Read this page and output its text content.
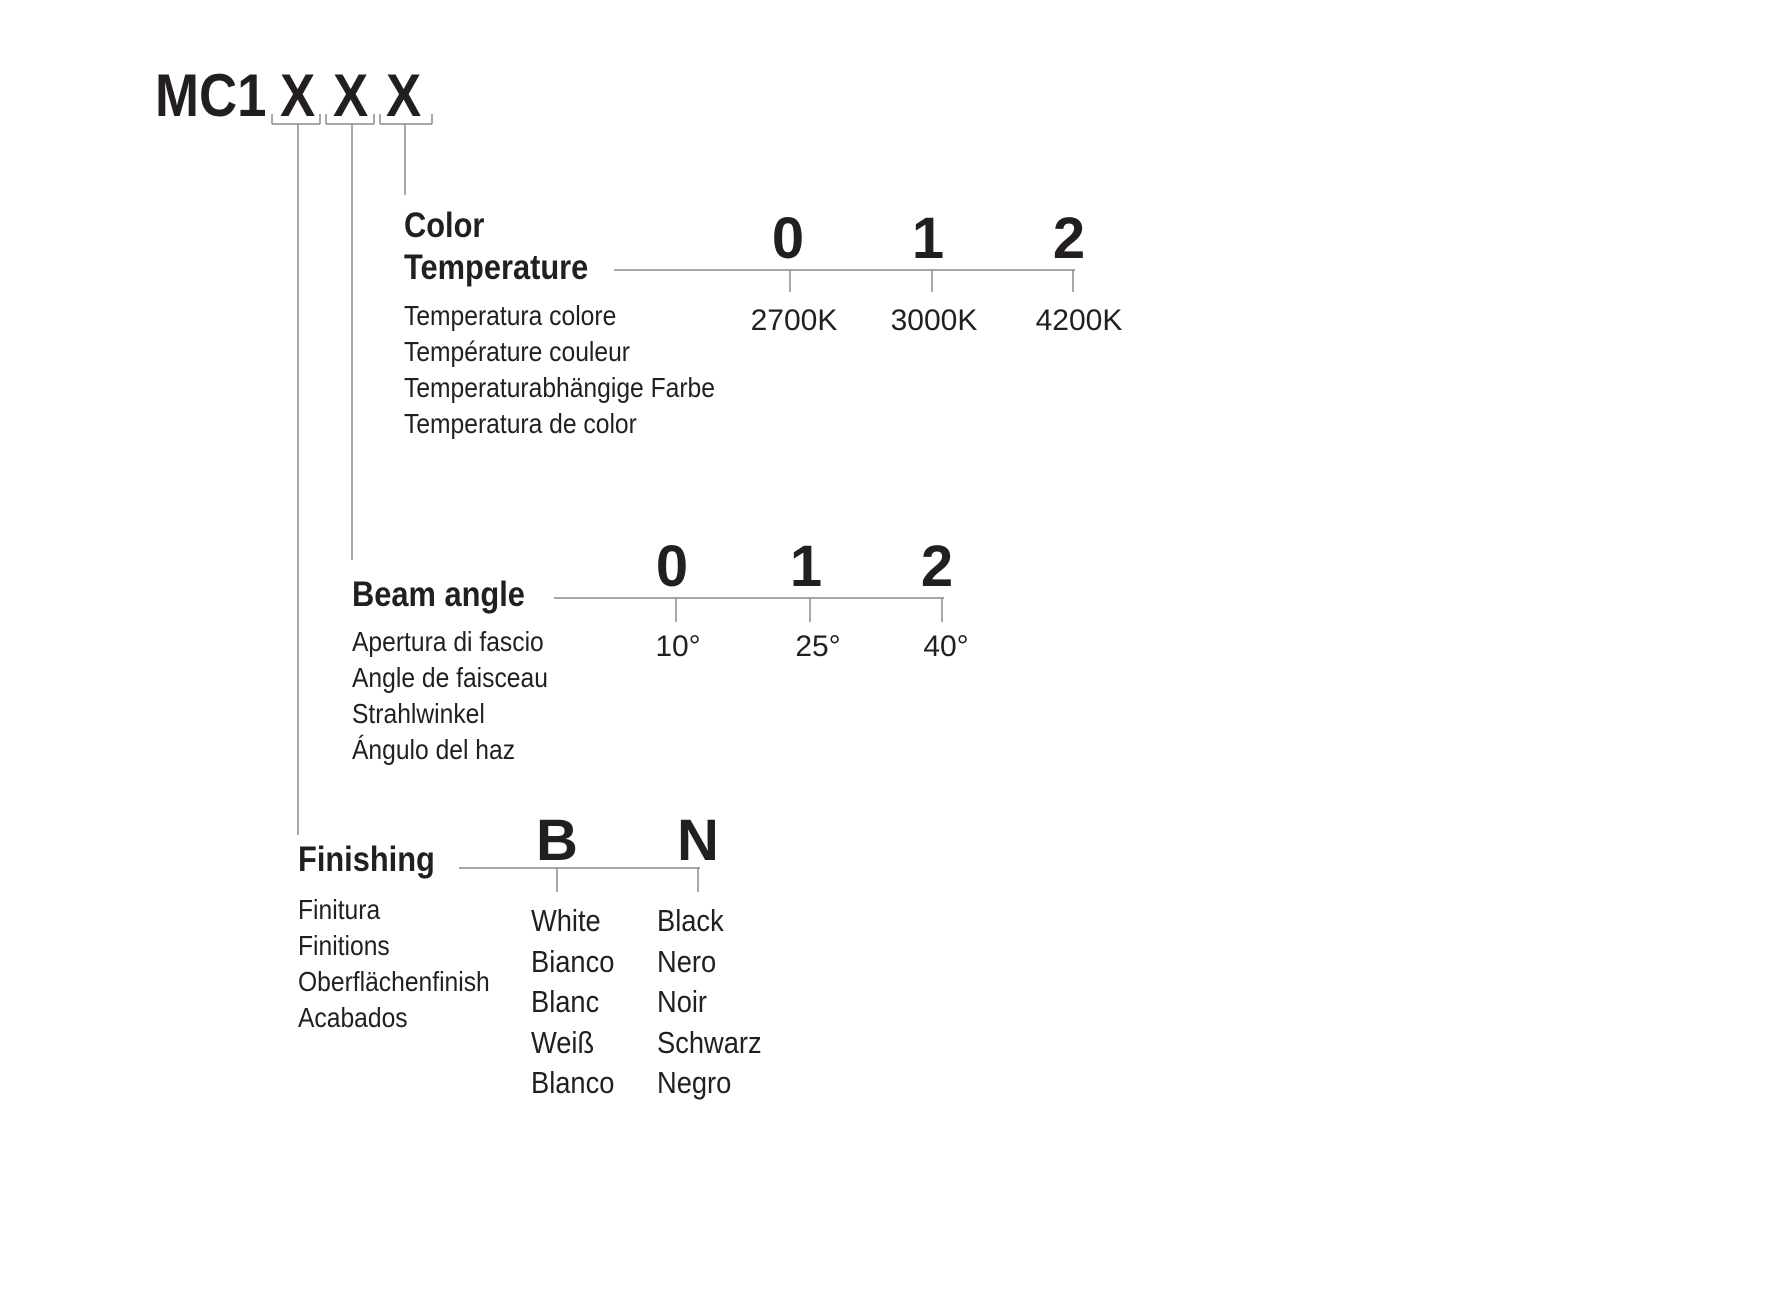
MC1 X X X
Color
Temperature
Temperatura colore
Température couleur
Temperaturabhängige Farbe
Temperatura de color
0	1	2
2700K	3000K	4200K
Beam angle
Apertura di fascio
Angle de faisceau
Strahlwinkel
Ángulo del haz
0	1	2
10°	25°	40°
Finishing
Finitura
Finitions
Oberflächenfinish
Acabados
B	N
White
Bianco
Blanc
Weiß
Blanco
Black
Nero
Noir
Schwarz
Negro
